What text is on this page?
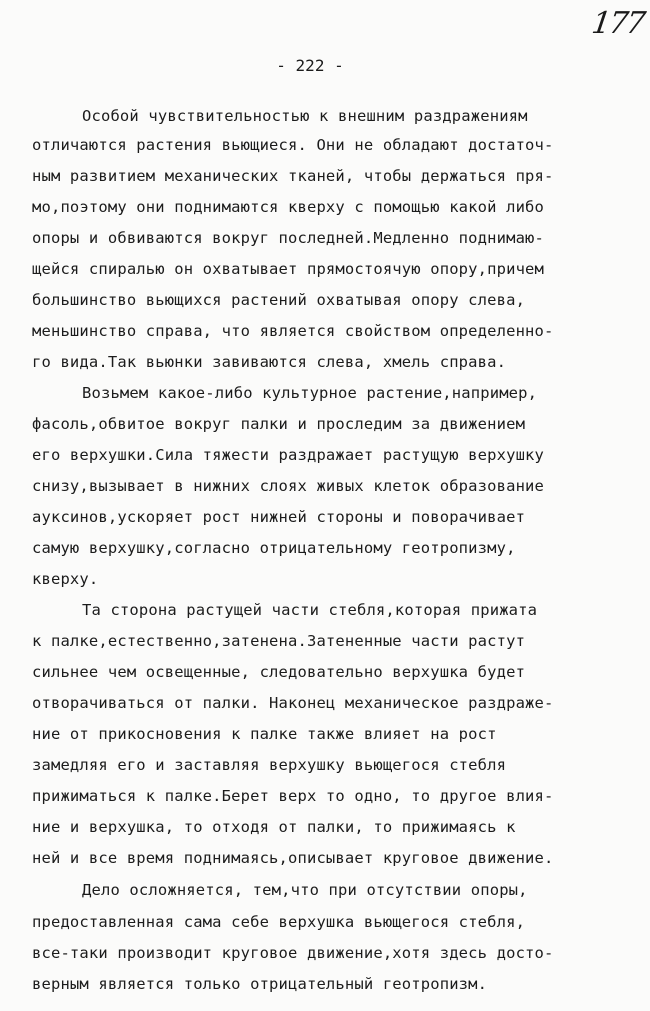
177
- 222 -
Особой чувствительностью к внешним раздражениям
отличаются растения вьющиеся. Они не обладают достаточ-
ным развитием механических тканей, чтобы держаться пря-
мо,поэтому они поднимаются кверху с помощью какой либо
опоры и обвиваются вокруг последней.Медленно поднимаю-
щейся спиралью он охватывает прямостоячую опору,причем
большинство вьющихся растений охватывая опору слева,
меньшинство справа, что является свойством определенно-
го вида.Так вьюнки завиваются слева, хмель справа.
Возьмем какое-либо культурное растение,например,
фасоль,обвитое вокруг палки и проследим за движением
его верхушки.Сила тяжести раздражает растущую верхушку
снизу,вызывает в нижних слоях живых клеток образование
ауксинов,ускоряет рост нижней стороны и поворачивает
самую верхушку,согласно отрицательному геотропизму,
кверху.
Та сторона растущей части стебля,которая прижата
к палке,естественно,затенена.Затененные части растут
сильнее чем освещенные, следовательно верхушка будет
отворачиваться от палки. Наконец механическое раздраже-
ние от прикосновения к палке также влияет на рост
замедляя его и заставляя верхушку вьющегося стебля
прижиматься к палке.Берет верх то одно, то другое влия-
ние и верхушка, то отходя от палки, то прижимаясь к
ней и все время поднимаясь,описывает круговое движение.
Дело осложняется, тем,что при отсутствии опоры,
предоставленная сама себе верхушка вьющегося стебля,
все-таки производит круговое движение,хотя здесь досто-
верным является только отрицательный геотропизм.
